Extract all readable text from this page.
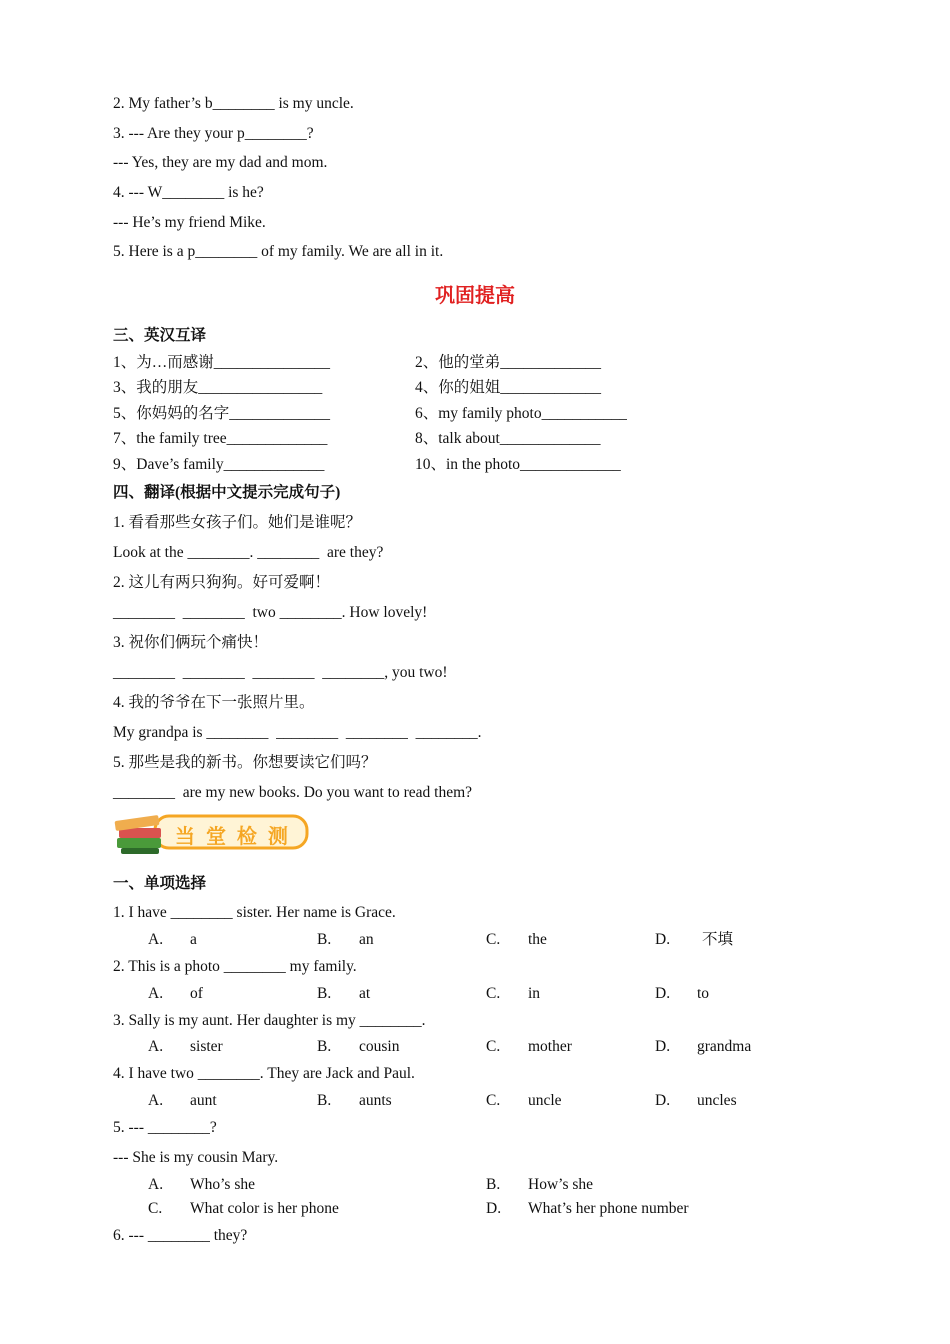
2. My father’s b________ is my uncle.
3. --- Are they your p________?
--- Yes, they are my dad and mom.
4. --- W________ is he?
--- He’s my friend Mike.
5. Here is a p________ of my family. We are all in it.
巩固提高
三、英汉互译
1、为…而感谢_______________	2、他的堂弟_____________
3、我的朋友________________	4、你的姐姐_____________
5、你妈妈的名字_____________	6、my family photo___________
7、the family tree_____________	8、talk about_____________
9、Dave’s family_____________	10、in the photo_____________
四、翻译(根据中文提示完成句子)
1. 看看那些女孩子们。她们是谁呢？
Look at the ________. ________  are they?
2. 这儿有两只狗狗。好可爱啊！
________  ________  two ________. How lovely!
3. 祝你们俩玩个痛快！
________  ________  ________  ________, you two!
4. 我的爷爷在下一张照片里。
My grandpa is ________  ________  ________  ________.
5. 那些是我的新书。你想要读它们吗？
________  are my new books. Do you want to read them?
当 堂 检 测
一、单项选择
1. I have ________ sister. Her name is Grace.
A. a	B. an	C. the	D. 不填
2. This is a photo ________ my family.
A. of	B. at	C. in	D. to
3. Sally is my aunt. Her daughter is my ________.
A. sister	B. cousin	C. mother	D. grandma
4. I have two ________. They are Jack and Paul.
A. aunt	B. aunts	C. uncle	D. uncles
5. --- ________?
--- She is my cousin Mary.
A. Who’s she	B. How’s she
C. What color is her phone	D. What’s her phone number
6. --- ________ they?
